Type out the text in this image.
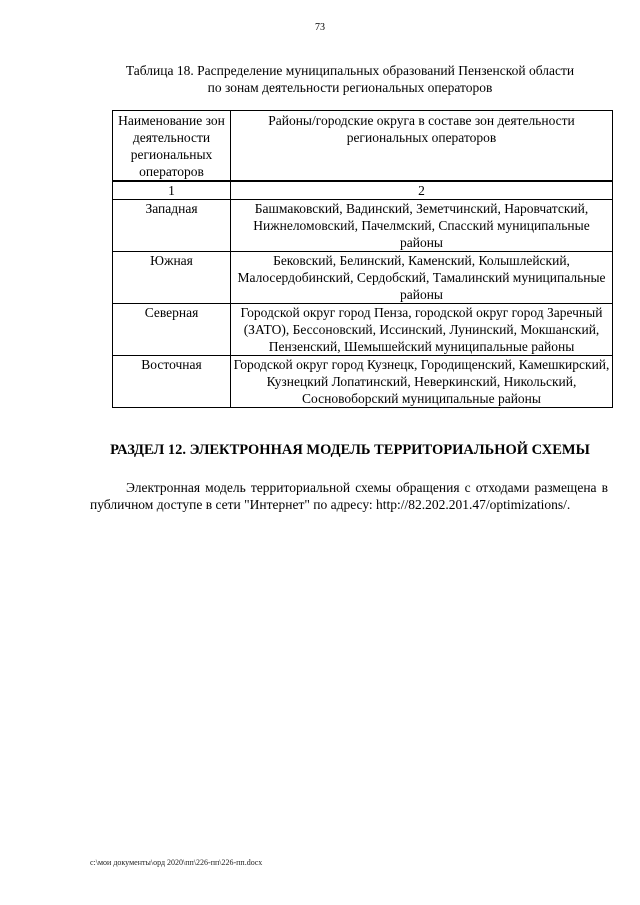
73
Таблица 18. Распределение муниципальных образований Пензенской области
по зонам деятельности региональных операторов
Наименование зон деятельности региональных операторов	Районы/городские округа в составе зон деятельности региональных операторов
1	2
Западная	Башмаковский, Вадинский, Земетчинский, Наровчатский, Нижнеломовский, Пачелмский, Спасский муниципальные районы
Южная	Бековский, Белинский, Каменский, Колышлейский, Малосердобинский, Сердобский, Тамалинский муниципальные районы
Северная	Городской округ город Пенза, городской округ город Заречный (ЗАТО), Бессоновский, Иссинский, Лунинский, Мокшанский, Пензенский, Шемышейский муниципальные районы
Восточная	Городской округ город Кузнецк, Городищенский, Камешкирский, Кузнецкий Лопатинский, Неверкинский, Никольский, Сосновоборский муниципальные районы
РАЗДЕЛ 12. ЭЛЕКТРОННАЯ МОДЕЛЬ ТЕРРИТОРИАЛЬНОЙ СХЕМЫ
Электронная модель территориальной схемы обращения с отходами размещена в публичном доступе в сети "Интернет" по адресу: http://82.202.201.47/optimizations/.
c:\мои документы\орд 2020\пп\226-пп\226-пп.docx
